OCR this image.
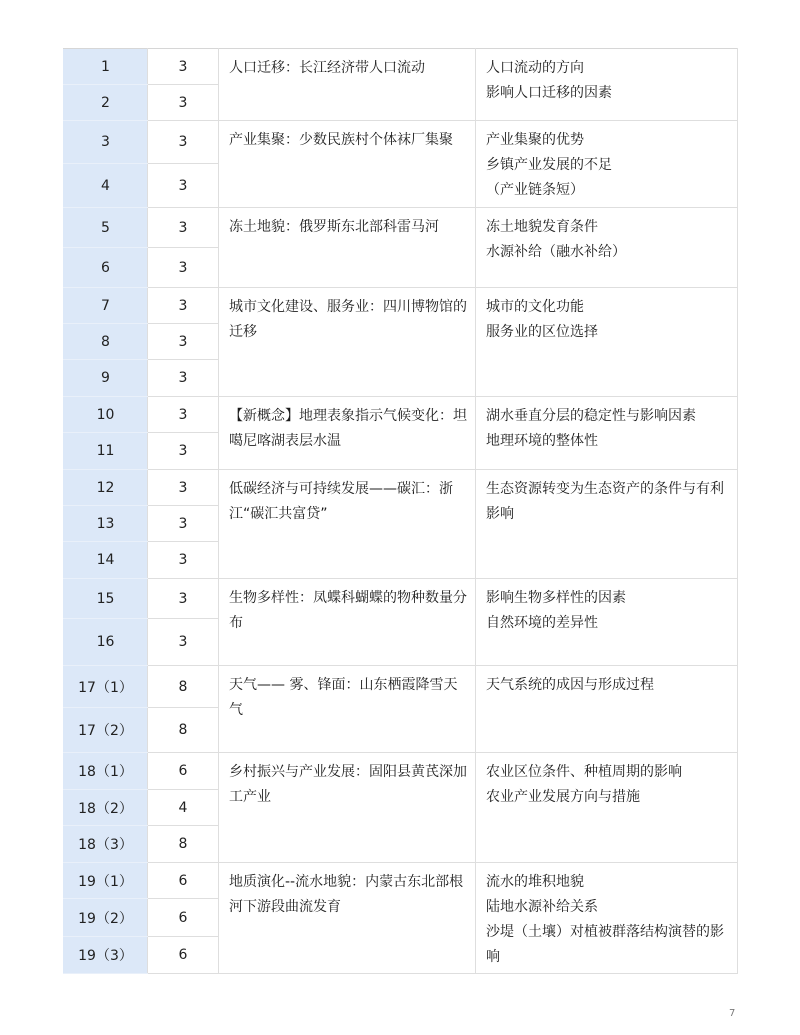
1	3	人口迁移：长江经济带人口流动	人口流动的方向
影响人口迁移的因素

2	3		
3	3	产业集聚：少数民族村个体袜厂集聚	产业集聚的优势
乡镇产业发展的不足
（产业链条短）

4	3		
5	3	冻土地貌：俄罗斯东北部科雷马河	冻土地貌发育条件
水源补给（融水补给）

6	3		
7	3	城市文化建设、服务业：四川博物馆的迁移	城市的文化功能
服务业的区位选择

8	3		
9	3		
10	3	【新概念】地理表象指示气候变化：坦噶尼喀湖表层水温	湖水垂直分层的稳定性与影响因素
地理环境的整体性

11	3		
12	3	低碳经济与可持续发展——碳汇：浙江“碳汇共富贷”	生态资源转变为生态资产的条件与有利影响

13	3		
14	3		
15	3	生物多样性：凤蝶科蝴蝶的物种数量分布	影响生物多样性的因素
自然环境的差异性

16	3		
17（1）	8	天气—— 雾、锋面：山东栖霞降雪天气	天气系统的成因与形成过程

17（2）	8		
18（1）	6	乡村振兴与产业发展：固阳县黄芪深加工产业	农业区位条件、种植周期的影响
农业产业发展方向与措施

18（2）	4		
18（3）	8		
19（1）	6	地质演化--流水地貌：内蒙古东北部根河下游段曲流发育	流水的堆积地貌
陆地水源补给关系
沙堤（土壤）对植被群落结构演替的影响

19（2）	6		
19（3）	6		
7
